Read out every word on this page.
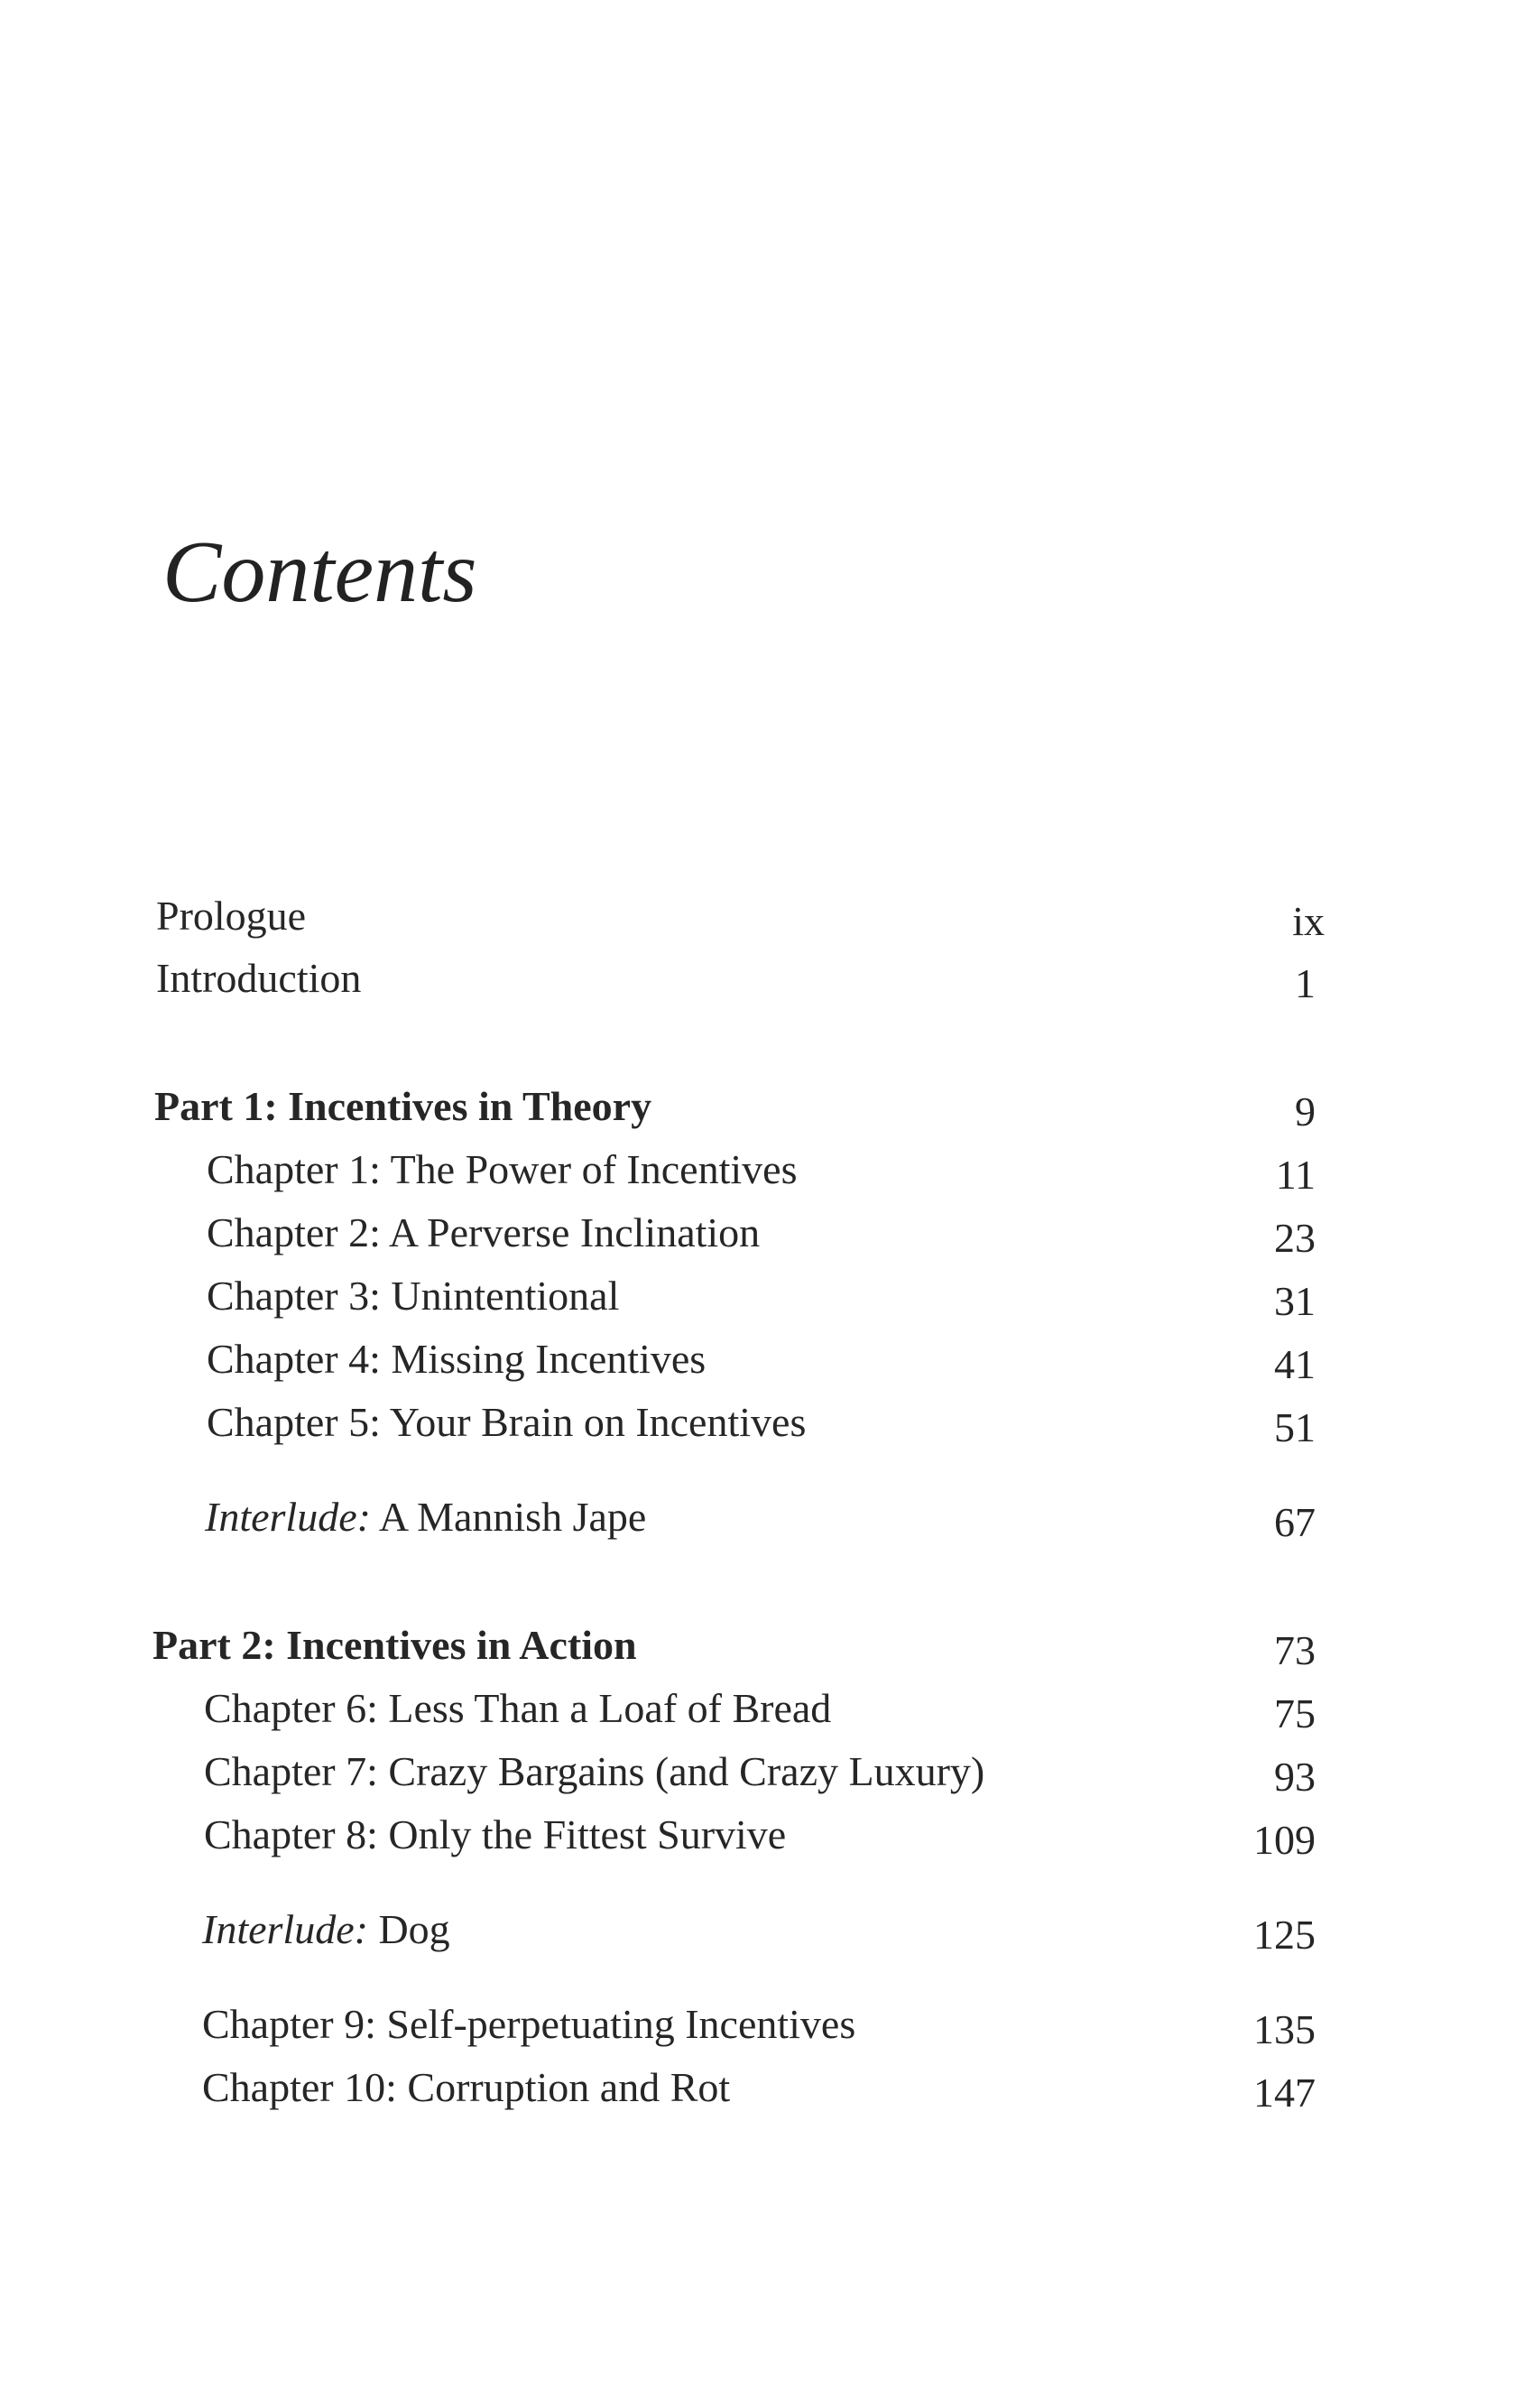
Contents
Prologue	ix
Introduction	1
Part 1: Incentives in Theory	9
Chapter 1: The Power of Incentives	11
Chapter 2: A Perverse Inclination	23
Chapter 3: Unintentional	31
Chapter 4: Missing Incentives	41
Chapter 5: Your Brain on Incentives	51
Interlude: A Mannish Jape	67
Part 2: Incentives in Action	73
Chapter 6: Less Than a Loaf of Bread	75
Chapter 7: Crazy Bargains (and Crazy Luxury)	93
Chapter 8: Only the Fittest Survive	109
Interlude: Dog	125
Chapter 9: Self-perpetuating Incentives	135
Chapter 10: Corruption and Rot	147
